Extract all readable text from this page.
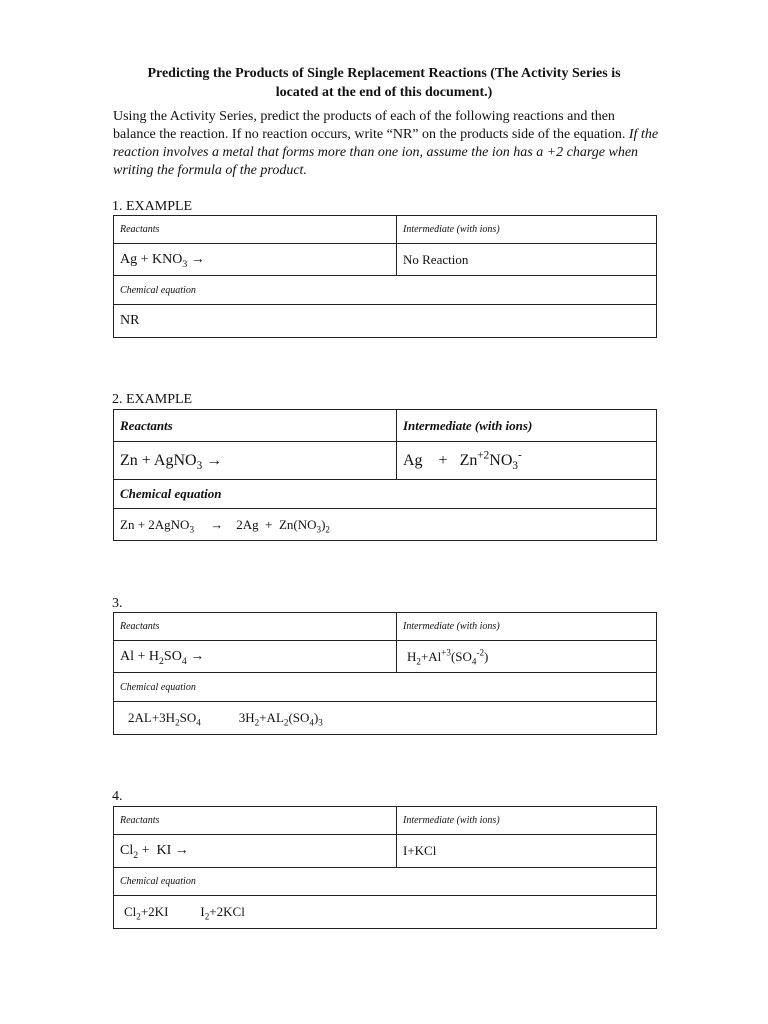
Predicting the Products of Single Replacement Reactions (The Activity Series is
located at the end of this document.)
Using the Activity Series, predict the products of each of the following reactions and then balance the reaction. If no reaction occurs, write “NR” on the products side of the equation. If the reaction involves a metal that forms more than one ion, assume the ion has a +2 charge when writing the formula of the product.
1. EXAMPLE
Reactants	Intermediate (with ions)
$Ag + KNO_3$ →	No Reaction
Chemical equation	
NR	
2. EXAMPLE
Reactants	Intermediate (with ions)
Zn + AgNO$_3$ →	Ag    +   $Zn^{+2}NO_3^-$
Chemical equation	
Zn + 2AgNO$_3$     →    $2Ag + Zn(NO_3)_2$
3.
Reactants	Intermediate (with ions)
$Al + H_2SO_4$ →	$H_2+Al^{+3}(SO_4^{-2})$
Chemical equation	
$2AL+3H_2SO_4$ $3H_2+AL_2(SO_4)_3$
4.
Reactants	Intermediate (with ions)
$Cl_2$ +  KI →	I+KCl
Chemical equation	
$Cl_2+2KI$ $I_2+2KCl$	
